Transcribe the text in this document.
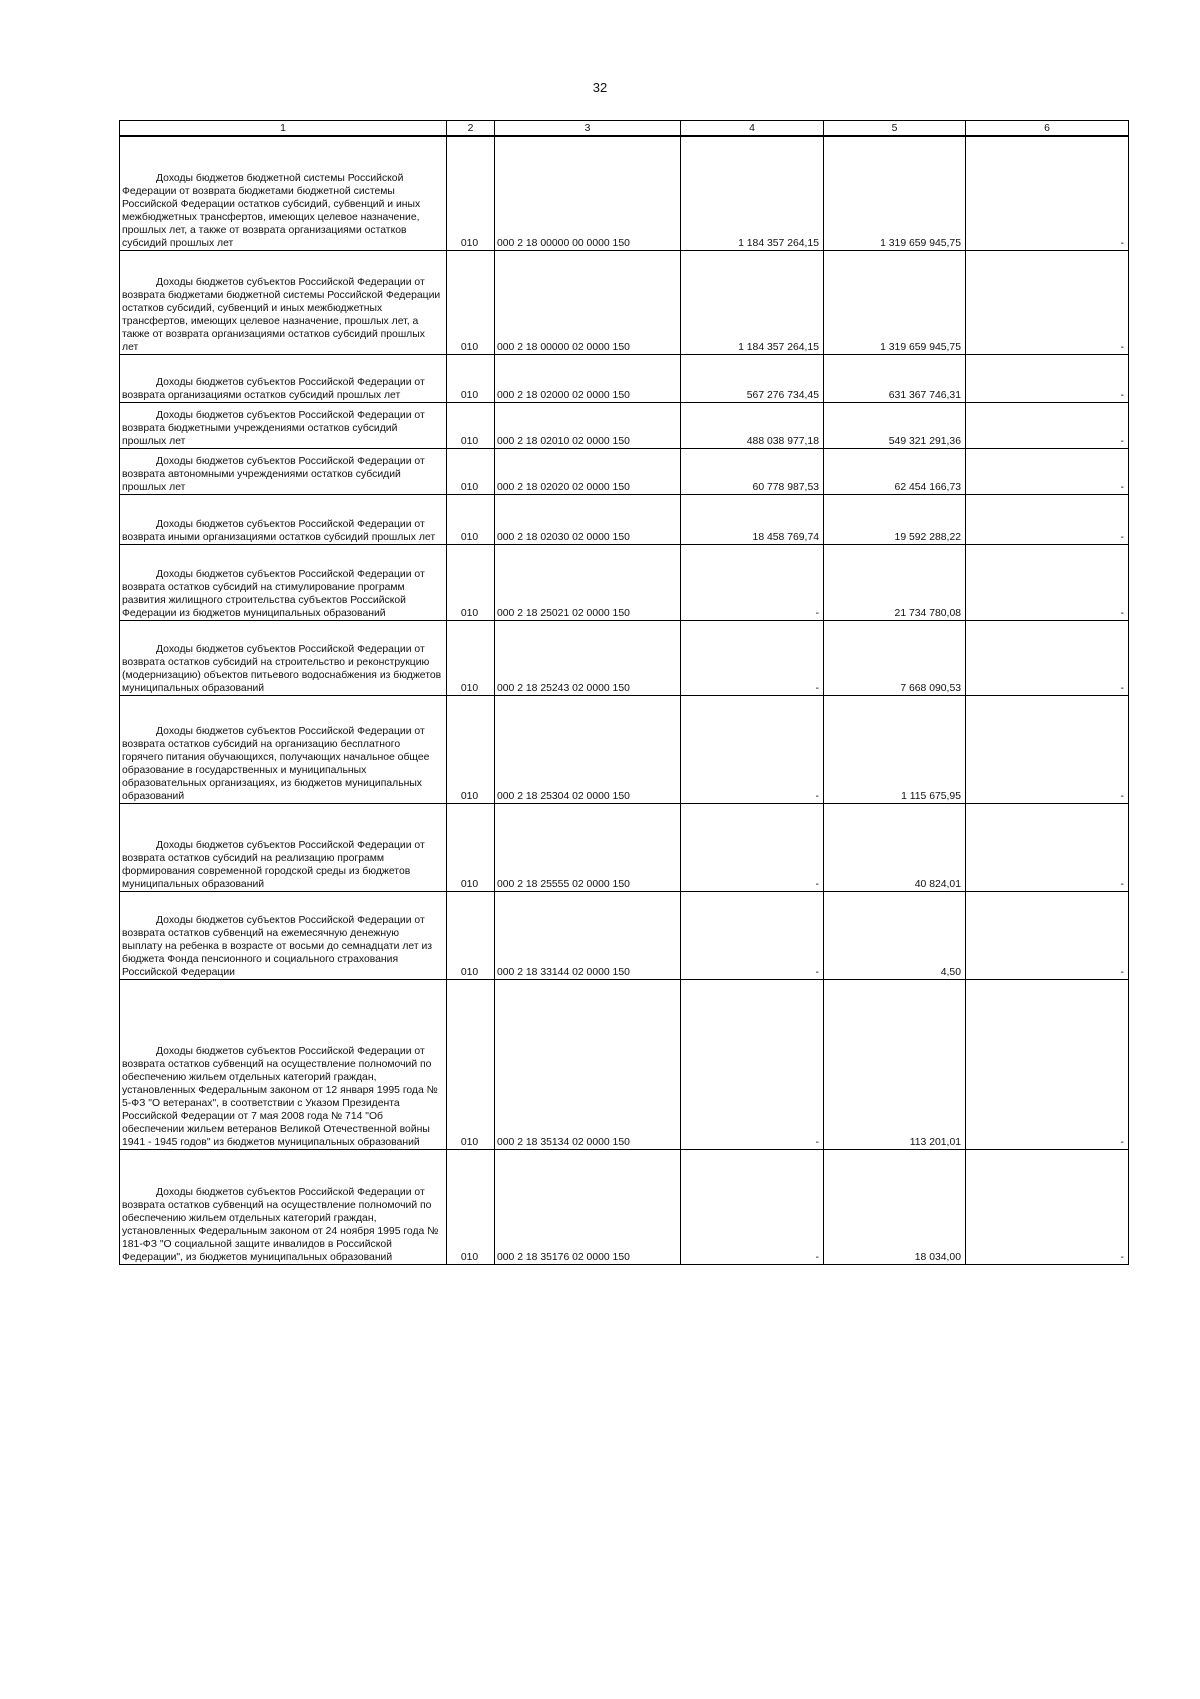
32
1	2	3	4	5	6

Доходы бюджетов бюджетной системы Российской Федерации от возврата бюджетами бюджетной системы Российской Федерации остатков субсидий, субвенций и иных межбюджетных трансфертов, имеющих целевое назначение, прошлых лет, а также от возврата организациями остатков субсидий прошлых лет	010	000 2 18 00000 00 0000 150	1 184 357 264,15	1 319 659 945,75	-

Доходы бюджетов субъектов Российской Федерации от возврата бюджетами бюджетной системы Российской Федерации остатков субсидий, субвенций и иных межбюджетных трансфертов, имеющих целевое назначение, прошлых лет, а также от возврата организациями остатков субсидий прошлых лет	010	000 2 18 00000 02 0000 150	1 184 357 264,15	1 319 659 945,75	-

Доходы бюджетов субъектов Российской Федерации от возврата организациями остатков субсидий прошлых лет	010	000 2 18 02000 02 0000 150	567 276 734,45	631 367 746,31	-

Доходы бюджетов субъектов Российской Федерации от возврата бюджетными учреждениями остатков субсидий прошлых лет	010	000 2 18 02010 02 0000 150	488 038 977,18	549 321 291,36	-

Доходы бюджетов субъектов Российской Федерации от возврата автономными учреждениями остатков субсидий прошлых лет	010	000 2 18 02020 02 0000 150	60 778 987,53	62 454 166,73	-

Доходы бюджетов субъектов Российской Федерации от возврата иными организациями остатков субсидий прошлых лет	010	000 2 18 02030 02 0000 150	18 458 769,74	19 592 288,22	-

Доходы бюджетов субъектов Российской Федерации от возврата остатков субсидий на стимулирование программ развития жилищного строительства субъектов Российской Федерации из бюджетов муниципальных образований	010	000 2 18 25021 02 0000 150	-	21 734 780,08	-

Доходы бюджетов субъектов Российской Федерации от возврата остатков субсидий на строительство и реконструкцию (модернизацию) объектов питьевого водоснабжения из бюджетов муниципальных образований	010	000 2 18 25243 02 0000 150	-	7 668 090,53	-

Доходы бюджетов субъектов Российской Федерации от возврата остатков субсидий на организацию бесплатного горячего питания обучающихся, получающих начальное общее образование в государственных и муниципальных образовательных организациях, из бюджетов муниципальных образований	010	000 2 18 25304 02 0000 150	-	1 115 675,95	-

Доходы бюджетов субъектов Российской Федерации от возврата остатков субсидий на реализацию программ формирования современной городской среды из бюджетов муниципальных образований	010	000 2 18 25555 02 0000 150	-	40 824,01	-

Доходы бюджетов субъектов Российской Федерации от возврата остатков субвенций на ежемесячную денежную выплату на ребенка в возрасте от восьми до семнадцати лет из бюджета Фонда пенсионного и социального страхования Российской Федерации	010	000 2 18 33144 02 0000 150	-	4,50	-

Доходы бюджетов субъектов Российской Федерации от возврата остатков субвенций на осуществление полномочий по обеспечению жильем отдельных категорий граждан, установленных Федеральным законом от 12 января 1995 года № 5-ФЗ "О ветеранах", в соответствии с Указом Президента Российской Федерации от 7 мая 2008 года № 714 "Об обеспечении жильем ветеранов Великой Отечественной войны 1941 - 1945 годов" из бюджетов муниципальных образований	010	000 2 18 35134 02 0000 150	-	113 201,01	-

Доходы бюджетов субъектов Российской Федерации от возврата остатков субвенций на осуществление полномочий по обеспечению жильем отдельных категорий граждан, установленных Федеральным законом от 24 ноября 1995 года № 181-ФЗ "О социальной защите инвалидов в Российской Федерации", из бюджетов муниципальных образований	010	000 2 18 35176 02 0000 150	-	18 034,00	-
